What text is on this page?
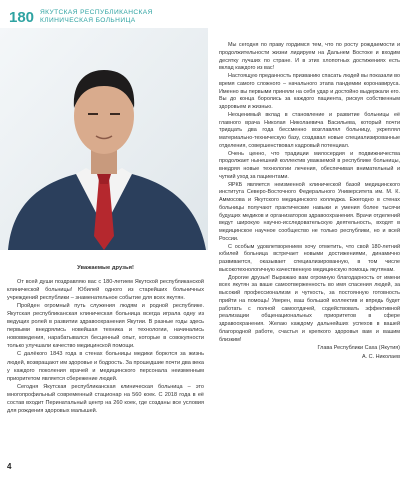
180 ЯКУТСКАЯ РЕСПУБЛИКАНСКАЯ
КЛИНИЧЕСКАЯ БОЛЬНИЦА
Уважаемые друзья!

От всей души поздравляю вас с 180-летием Якутской республиканской клинической больницы! Юбилей одного из старейших больничных учреждений республики – знаменательное событие для всех якутян.

Пройден огромный путь служения людям и родной республике. Якутская республиканская клиническая больница всегда играла одну из ведущих ролей в развитии здравоохранения Якутии. В разные годы здесь первыми внедрялись новейшая техника и технологии, начинались нововведения, нарабатывался бесценный опыт, которые в совокупности только улучшали качество медицинской помощи.

С далёкого 1843 года в стенах больницы медики борются за жизнь людей, возвращают им здоровье и бодрость. За прошедшие почти два века у каждого поколения врачей и медицинского персонала неизменным приоритетом является сбережение людей.

Сегодня Якутская республиканская клиническая больница – это многопрофильный современный стационар на 560 коек. С 2018 года в её состав входит Перинатальный центр на 260 коек, где созданы все условия для рождения здоровых малышей.

Мы сегодня по праву гордимся тем, что по росту рождаемости и продолжительности жизни лидируем на Дальнем Востоке и входим десятку лучших по стране. И в этих хлопотных достижениях есть вклад каждого из вас!

Настоящую преданность призванию спасать людей вы показали во время самого сложного – начального этапа пандемии коронавируса. Именно вы первыми приняли на себя удар и достойно выдержали его. Вы до конца боролись за каждого пациента, рискуя собственным здоровьем и жизнью.

Неоценимый вклад в становление и развитие больницы её главного врача Николая Николаевича Васильева, который почти тридцать два года бессменно возглавлял больницу, укреплял материально-техническую базу, создавал новые специализированные отделения, совершенствовал кадровый потенциал.

Очень ценно, что традиции милосердия и подвижничества продолжает нынешний коллектив уважаемой в республике больницы, внедряя новые технологии лечения, обеспечивая внимательный и чуткий уход за пациентами.

ЯРКБ является неизменной клинической базой медицинского института Северо-Восточного Федерального Университета им. М. К. Аммосова и Якутского медицинского колледжа. Ежегодно в стенах больницы получают практические навыки и умения более тысячи будущих медиков и организаторов здравоохранения. Врачи отделений ведут широкую научно-исследовательскую деятельность, входят в медицинское научное сообщество не только республики, но и всей России.

С особым удовлетворением хочу отметить, что свой 180-летний юбилей больница встречает новыми достижениями, динамично развивается, оказывает специализированную, в том числе высокотехнологичную качественную медицинскую помощь якутянам.

Дорогие друзья! Выражаю вам огромную благодарность от имени всех якутян за ваше самоотверженность во имя спасения людей, за высокий профессионализм и чуткость, за постоянную готовность прийти на помощь! Уверен, ваш большой коллектив и впредь будет работать с полной самоотдачей, содействовать эффективной реализации общенациональных приоритетов в сфере здравоохранения. Желаю каждому дальнейших успехов в вашей благородной работе, счастья и крепкого здоровья вам и вашим близким!

Глава Республики Саха (Якутия)
А. С. Николаев
4
